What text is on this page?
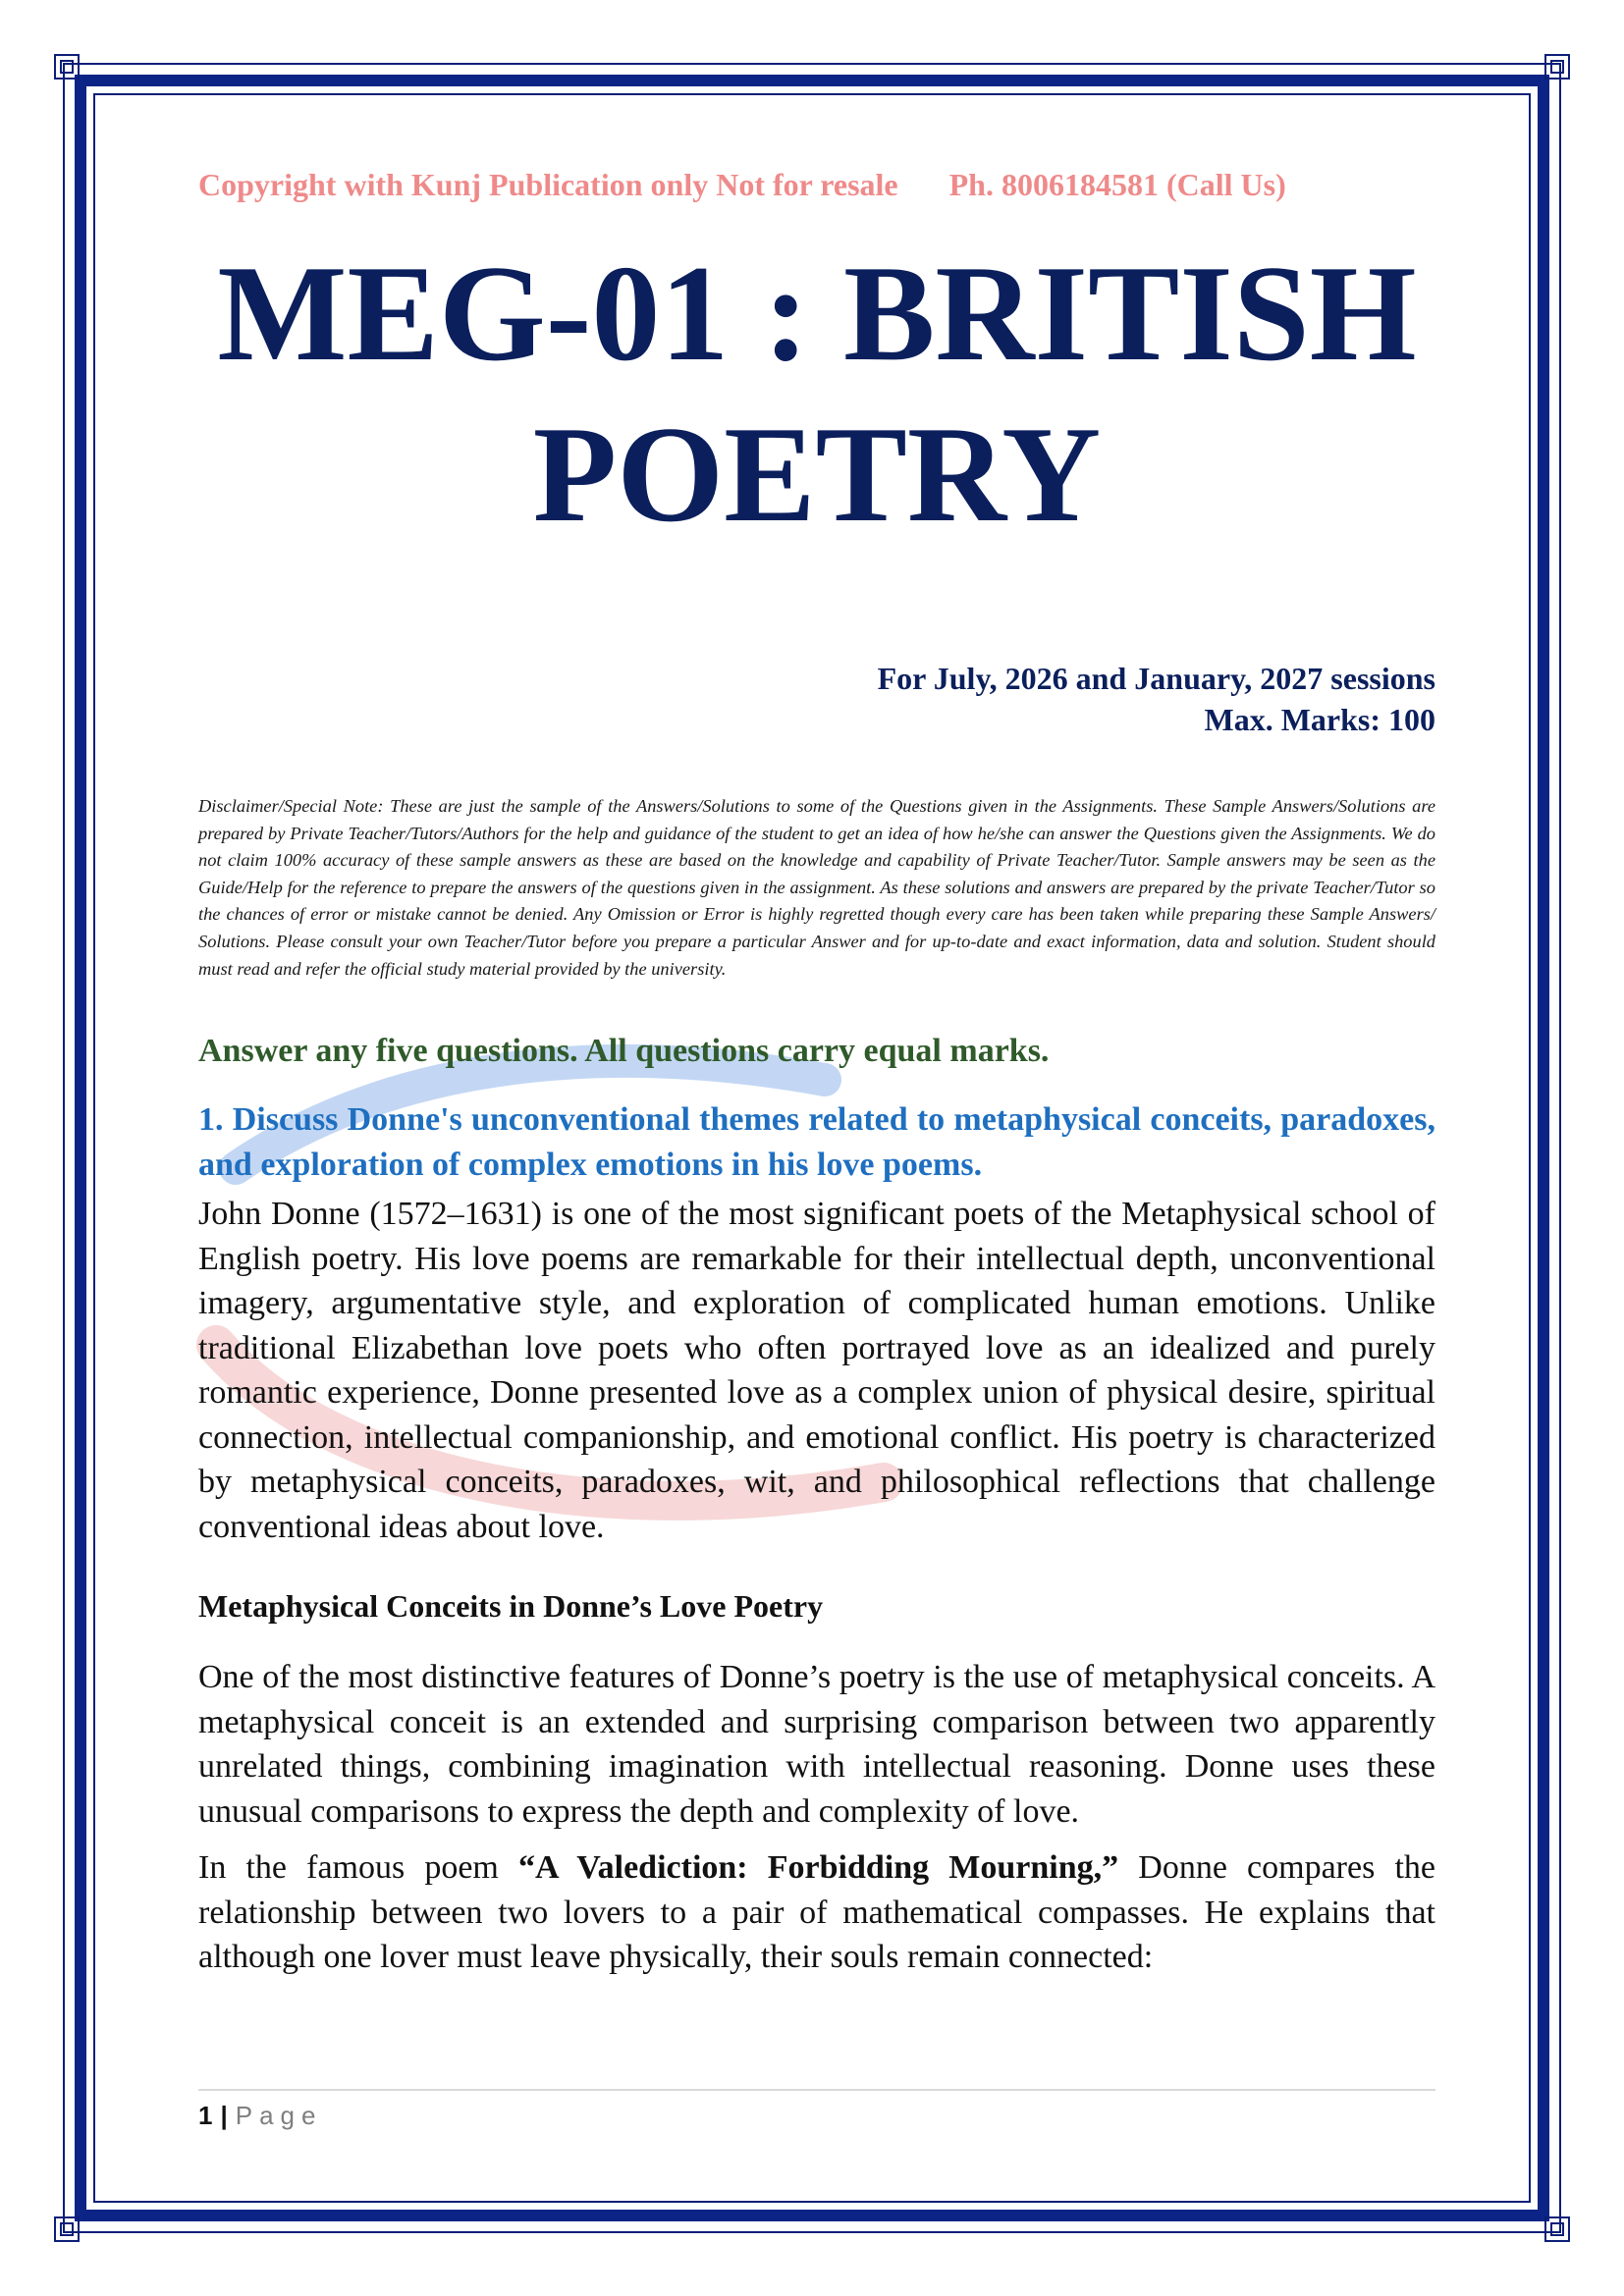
Copyright with Kunj Publication only Not for resale Ph. 8006184581 (Call Us)
MEG-01 : BRITISH
POETRY
For July, 2026 and January, 2027 sessions
Max. Marks: 100

Disclaimer/Special Note: These are just the sample of the Answers/Solutions to some of the Questions given in the Assignments. These Sample Answers/Solutions are prepared by Private Teacher/Tutors/Authors for the help and guidance of the student to get an idea of how he/she can answer the Questions given the Assignments. We do not claim 100% accuracy of these sample answers as these are based on the knowledge and capability of Private Teacher/Tutor. Sample answers may be seen as the Guide/Help for the reference to prepare the answers of the questions given in the assignment. As these solutions and answers are prepared by the private Teacher/Tutor so the chances of error or mistake cannot be denied. Any Omission or Error is highly regretted though every care has been taken while preparing these Sample Answers/ Solutions. Please consult your own Teacher/Tutor before you prepare a particular Answer and for up-to-date and exact information, data and solution. Student should must read and refer the official study material provided by the university.

Answer any five questions. All questions carry equal marks.

1. Discuss Donne's unconventional themes related to metaphysical conceits, paradoxes, and exploration of complex emotions in his love poems.

John Donne (1572–1631) is one of the most significant poets of the Metaphysical school of English poetry. His love poems are remarkable for their intellectual depth, unconventional imagery, argumentative style, and exploration of complicated human emotions. Unlike traditional Elizabethan love poets who often portrayed love as an idealized and purely romantic experience, Donne presented love as a complex union of physical desire, spiritual connection, intellectual companionship, and emotional conflict. His poetry is characterized by metaphysical conceits, paradoxes, wit, and philosophical reflections that challenge conventional ideas about love.

Metaphysical Conceits in Donne’s Love Poetry

One of the most distinctive features of Donne’s poetry is the use of metaphysical conceits. A metaphysical conceit is an extended and surprising comparison between two apparently unrelated things, combining imagination with intellectual reasoning. Donne uses these unusual comparisons to express the depth and complexity of love.

In the famous poem “A Valediction: Forbidding Mourning,” Donne compares the relationship between two lovers to a pair of mathematical compasses. He explains that although one lover must leave physically, their souls remain connected:

1 | Page
